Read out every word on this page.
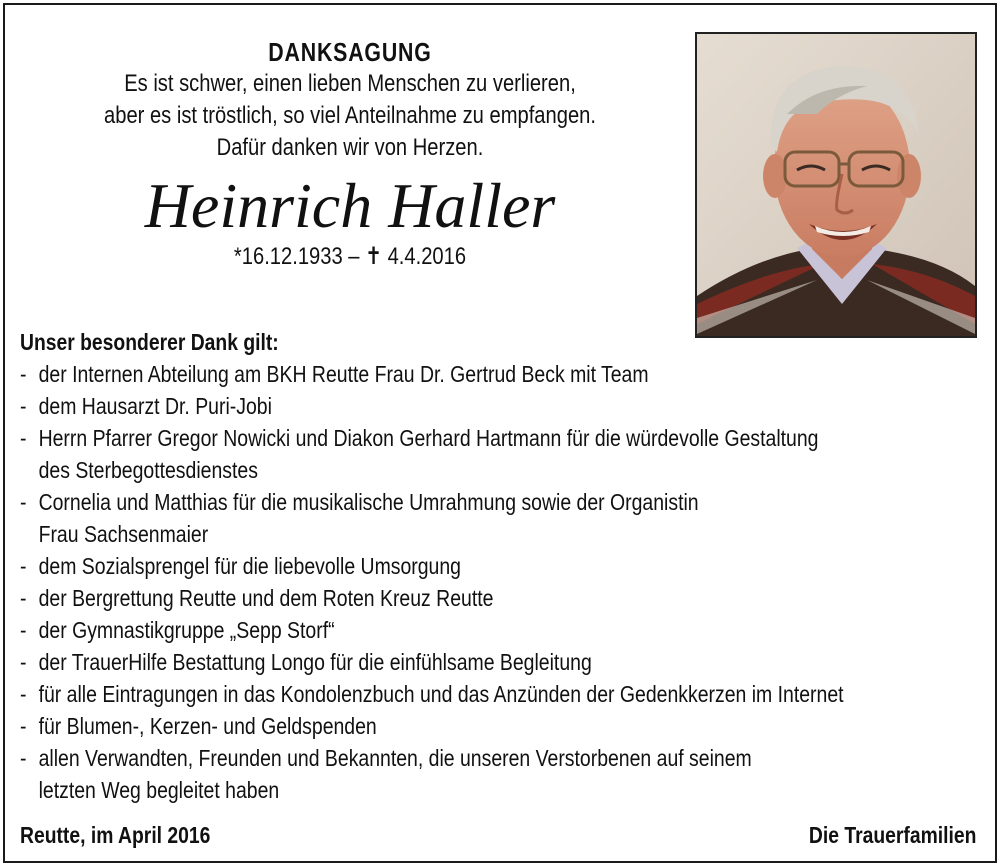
DANKSAGUNG
Es ist schwer, einen lieben Menschen zu verlieren,
aber es ist tröstlich, so viel Anteilnahme zu empfangen.
Dafür danken wir von Herzen.
Heinrich Haller
*16.12.1933 – ✝ 4.4.2016
Unser besonderer Dank gilt:
- der Internen Abteilung am BKH Reutte Frau Dr. Gertrud Beck mit Team
- dem Hausarzt Dr. Puri-Jobi
- Herrn Pfarrer Gregor Nowicki und Diakon Gerhard Hartmann für die würdevolle Gestaltung
des Sterbegottesdienstes
- Cornelia und Matthias für die musikalische Umrahmung sowie der Organistin
Frau Sachsenmaier
- dem Sozialsprengel für die liebevolle Umsorgung
- der Bergrettung Reutte und dem Roten Kreuz Reutte
- der Gymnastikgruppe „Sepp Storf“
- der TrauerHilfe Bestattung Longo für die einfühlsame Begleitung
- für alle Eintragungen in das Kondolenzbuch und das Anzünden der Gedenkkerzen im Internet
- für Blumen-, Kerzen- und Geldspenden
- allen Verwandten, Freunden und Bekannten, die unseren Verstorbenen auf seinem
letzten Weg begleitet haben
Reutte, im April 2016	Die Trauerfamilien
